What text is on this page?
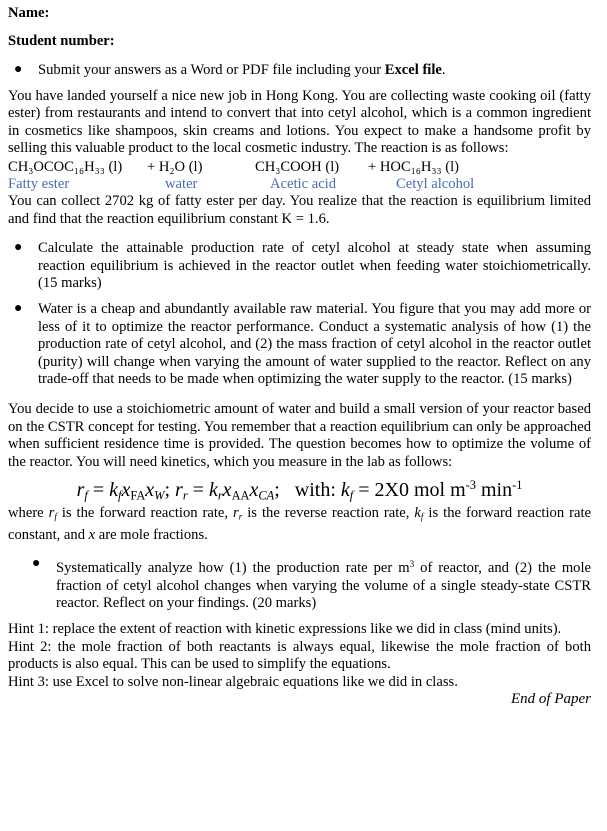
Name:
Student number:
● Submit your answers as a Word or PDF file including your Excel file.

You have landed yourself a nice new job in Hong Kong. You are collecting waste cooking oil (fatty ester) from restaurants and intend to convert that into cetyl alcohol, which is a common ingredient in cosmetics like shampoos, skin creams and lotions. You expect to make a handsome profit by selling this valuable product to the local cosmetic industry. The reaction is as follows:

CH₃OCOC₁₆H₃₃ (l) + H₂O (l)	CH₃COOH (l) + HOC₁₆H₃₃ (l)
Fatty ester	water	Acetic acid	Cetyl alcohol

You can collect 2702 kg of fatty ester per day. You realize that the reaction is equilibrium limited and find that the reaction equilibrium constant K = 1.6.

● Calculate the attainable production rate of cetyl alcohol at steady state when assuming reaction equilibrium is achieved in the reactor outlet when feeding water stoichiometrically. (15 marks)

● Water is a cheap and abundantly available raw material. You figure that you may add more or less of it to optimize the reactor performance. Conduct a systematic analysis of how (1) the production rate of cetyl alcohol, and (2) the mass fraction of cetyl alcohol in the reactor outlet (purity) will change when varying the amount of water supplied to the reactor. Reflect on any trade-off that needs to be made when optimizing the water supply to the reactor. (15 marks)

You decide to use a stoichiometric amount of water and build a small version of your reactor based on the CSTR concept for testing. You remember that a reaction equilibrium can only be approached when sufficient residence time is provided. The question becomes how to optimize the volume of the reactor. You will need kinetics, which you measure in the lab as follows:

$r_f = k_fx_{FA}x_W$; $r_r = k_rx_{AA}x_{CA}$;   with: $k_f = 2X0$ mol $m^{-3}$ $\min^{-1}$

where $r_f$ is the forward reaction rate, $r_r$ is the reverse reaction rate, $k_f$ is the forward reaction rate constant, and x are mole fractions.

● Systematically analyze how (1) the production rate per $m^3$ of reactor, and (2) the mole fraction of cetyl alcohol changes when varying the volume of a single steady-state CSTR reactor. Reflect on your findings. (20 marks)

Hint 1: replace the extent of reaction with kinetic expressions like we did in class (mind units).

Hint 2: the mole fraction of both reactants is always equal, likewise the mole fraction of both products is also equal. This can be used to simplify the equations.

Hint 3: use Excel to solve non-linear algebraic equations like we did in class.

End of Paper
